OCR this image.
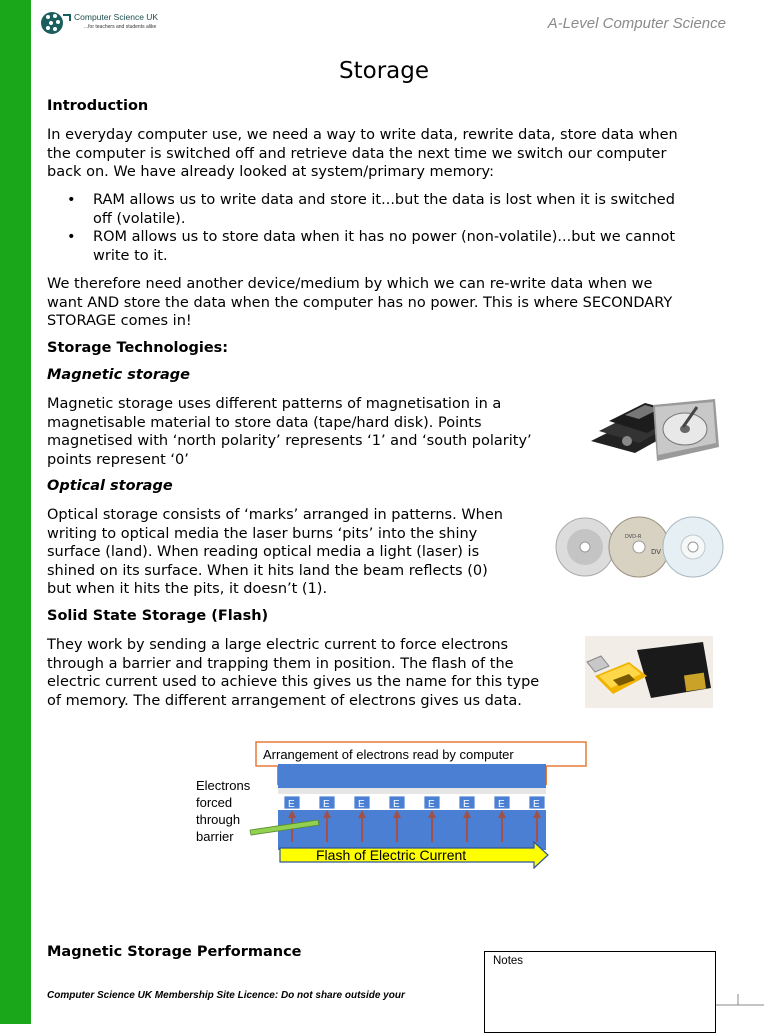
Computer Science UK
...for teachers and students alike	A-Level Computer Science
Storage
Introduction
In everyday computer use, we need a way to write data, rewrite data, store data when
the computer is switched off and retrieve data the next time we switch our computer
back on. We have already looked at system/primary memory:
• RAM allows us to write data and store it...but the data is lost when it is switched
off (volatile).
• ROM allows us to store data when it has no power (non-volatile)...but we cannot
write to it.
We therefore need another device/medium by which we can re-write data when we
want AND store the data when the computer has no power. This is where SECONDARY
STORAGE comes in!
Storage Technologies:
Magnetic storage
Magnetic storage uses different patterns of magnetisation in a
magnetisable material to store data (tape/hard disk). Points
magnetised with ‘north polarity’ represents ‘1’ and ‘south polarity’
points represent ‘0’
Optical storage
Optical storage consists of ‘marks’ arranged in patterns. When
writing to optical media the laser burns ‘pits’ into the shiny
surface (land). When reading optical media a light (laser) is
shined on its surface. When it hits land the beam reflects (0)
but when it hits the pits, it doesn’t (1).
DVD-R
DV
Solid State Storage (Flash)
They work by sending a large electric current to force electrons
through a barrier and trapping them in position. The flash of the
electric current used to achieve this gives us the name for this type
of memory. The different arrangement of electrons gives us data.
Arrangement of electrons read by computer
E	E	E	E	E	E	E	E
Flash of Electric Current
Electrons forced through barrier
Magnetic Storage Performance
Notes
Computer Science UK Membership Site Licence: Do not share outside your
